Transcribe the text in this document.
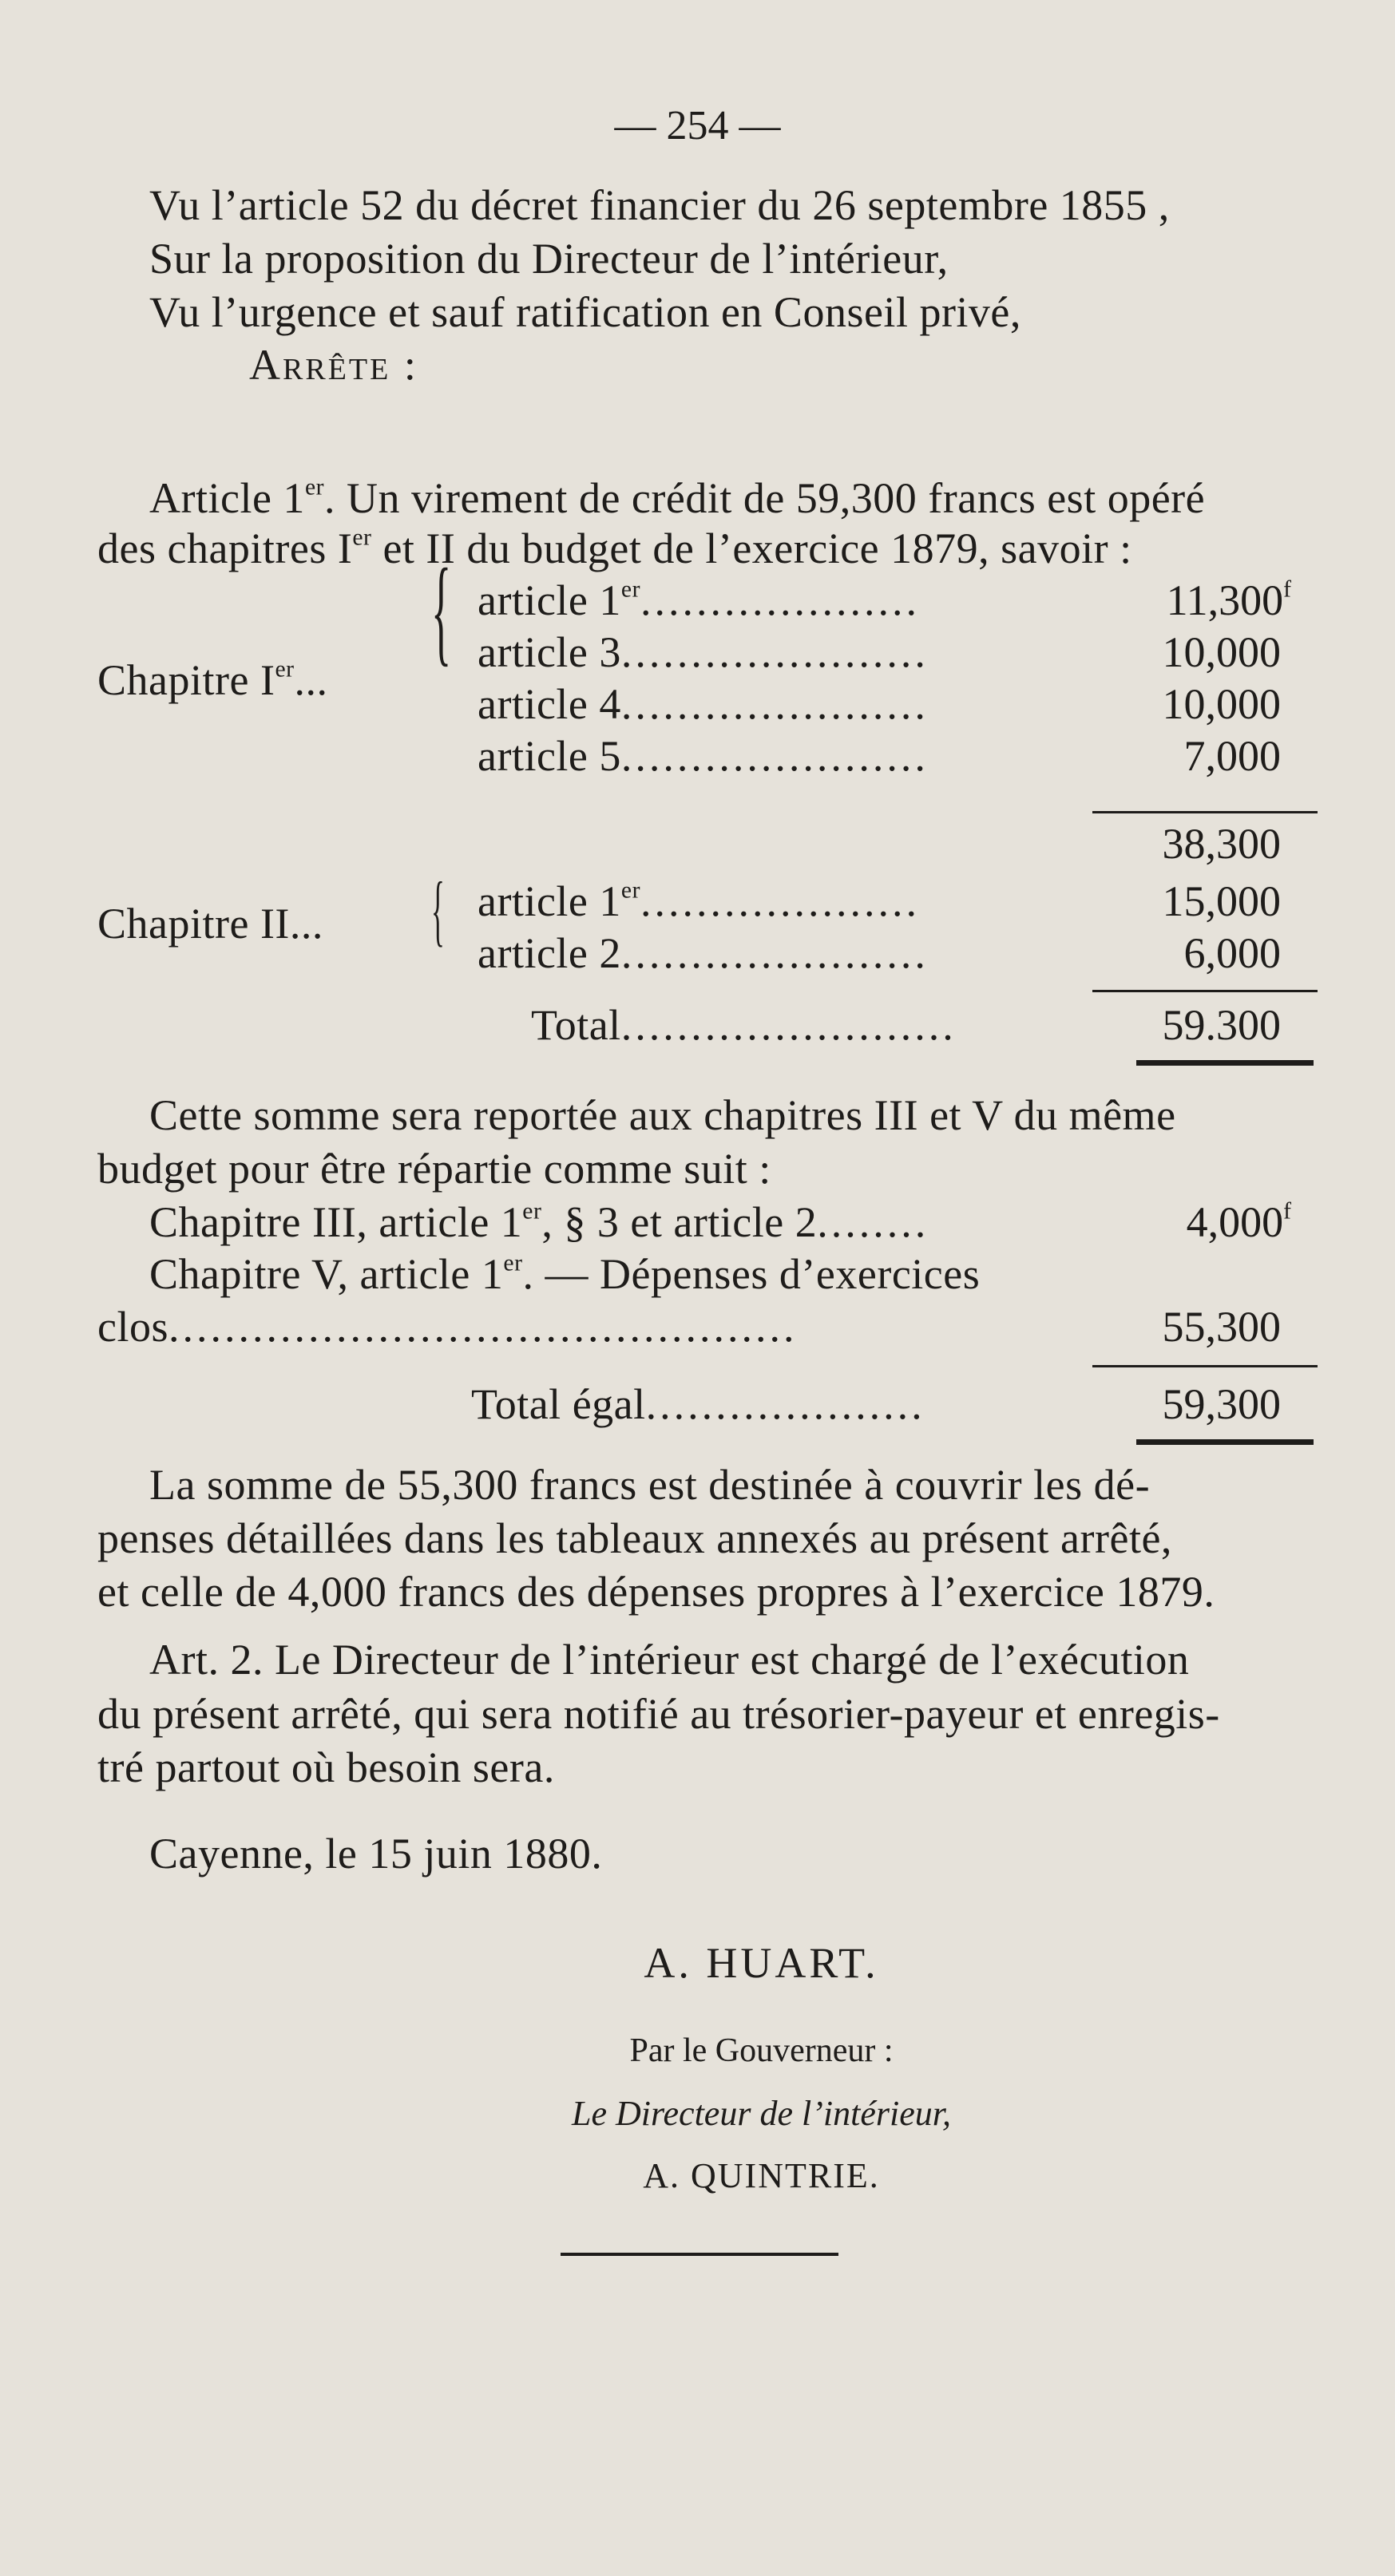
— 254 —
Vu l’article 52 du décret financier du 26 septembre 1855 ,
Sur la proposition du Directeur de l’intérieur,
Vu l’urgence et sauf ratification en Conseil privé,
Arrête :
Article 1er. Un virement de crédit de 59,300 francs est opéré
des chapitres Ier et II du budget de l’exercice 1879, savoir :
Chapitre Ier...
{ article 1er....................	11,300$^f$
article 3......................	10,000
article 4......................	10,000
article 5......................	7,000
38,300
Chapitre II... { article 1er....................	15,000
article 2......................	6,000
Total........................	59.300
Cette somme sera reportée aux chapitres III et V du même
budget pour être répartie comme suit :
Chapitre III, article 1er, § 3 et article 2........	4,000$^f$
Chapitre V, article 1er. — Dépenses d’exercices
clos.............................................	55,300
Total égal....................	59,300
La somme de 55,300 francs est destinée à couvrir les dé-
penses détaillées dans les tableaux annexés au présent arrêté,
et celle de 4,000 francs des dépenses propres à l’exercice 1879.
Art. 2. Le Directeur de l’intérieur est chargé de l’exécution
du présent arrêté, qui sera notifié au trésorier-payeur et enregis-
tré partout où besoin sera.
Cayenne, le 15 juin 1880.
A. HUART.
Par le Gouverneur :
Le Directeur de l’intérieur,
A. QUINTRIE.
